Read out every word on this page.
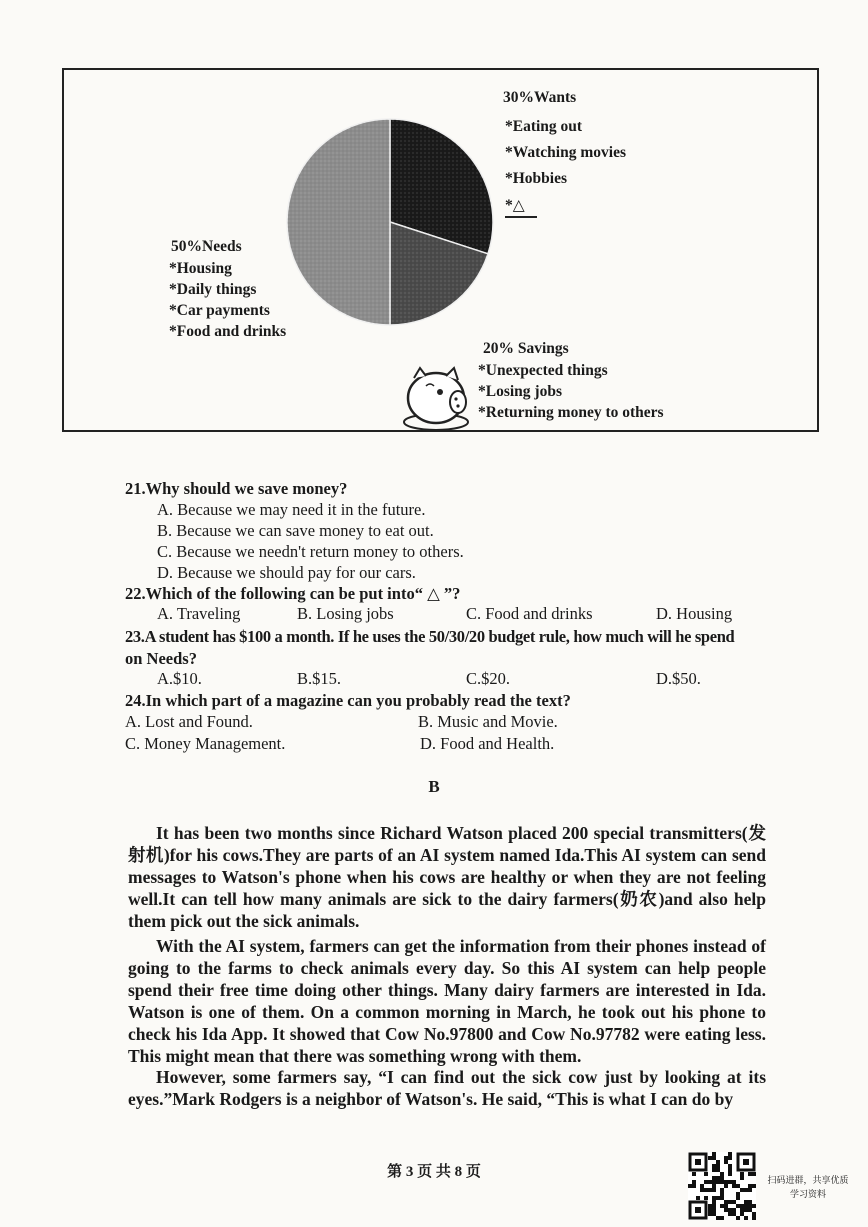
30%Wants
*Eating out
*Watching movies
*Hobbies
*△
50%Needs
*Housing
*Daily things
*Car payments
*Food and drinks
20% Savings
*Unexpected things
*Losing jobs
*Returning money to others
21.Why should we save money?
A. Because we may need it in the future.
B. Because we can save money to eat out.
C. Because we needn't return money to others.
D. Because we should pay for our cars.
22.Which of the following can be put into“ △ ”?
A. Traveling	B. Losing jobs	C. Food and drinks	D. Housing
23.A student has $100 a month. If he uses the 50/30/20 budget rule, how much will he spend
on Needs?
A.$10.	B.$15.	C.$20.	D.$50.
24.In which part of a magazine can you probably read the text?
A. Lost and Found.	B. Music and Movie.
C. Money Management.	D. Food and Health.
B
It has been two months since Richard Watson placed 200 special transmitters(发射机)for his cows.They are parts of an AI system named Ida.This AI system can send messages to Watson's phone when his cows are healthy or when they are not feeling well.It can tell how many animals are sick to the dairy farmers(奶农)and also help them pick out the sick animals.
With the AI system, farmers can get the information from their phones instead of going to the farms to check animals every day. So this AI system can help people spend their free time doing other things. Many dairy farmers are interested in Ida. Watson is one of them. On a common morning in March, he took out his phone to check his Ida App. It showed that Cow No.97800 and Cow No.97782 were eating less. This might mean that there was something wrong with them.
However, some farmers say, “I can find out the sick cow just by looking at its eyes.”Mark Rodgers is a neighbor of Watson's. He said, “This is what I can do by
第 3 页 共 8 页
扫码进群，共享优质
学习资料
